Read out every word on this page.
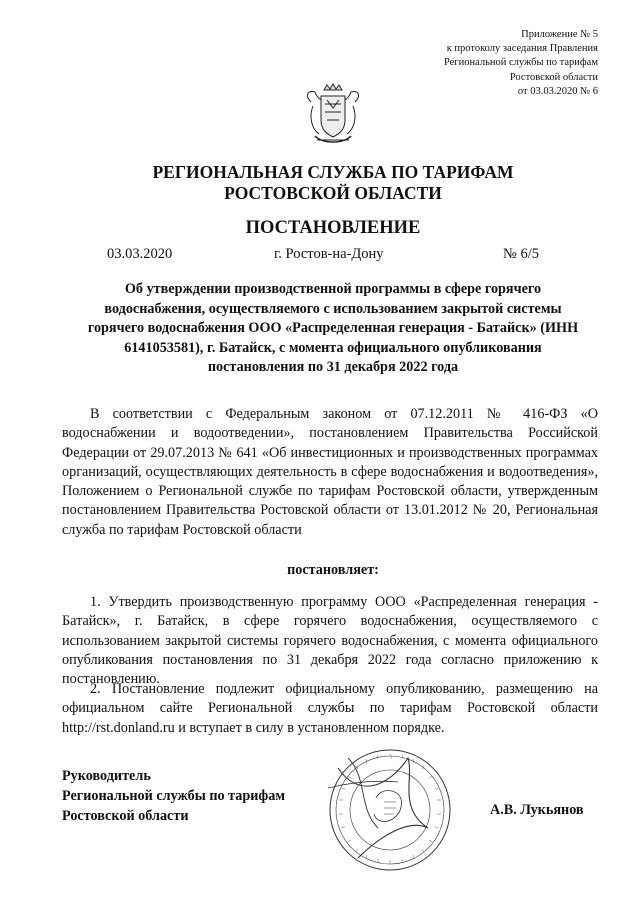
Приложение № 5
к протоколу заседания Правления
Региональной службы по тарифам
Ростовской области
от 03.03.2020 № 6
РЕГИОНАЛЬНАЯ СЛУЖБА ПО ТАРИФАМ
РОСТОВСКОЙ ОБЛАСТИ
ПОСТАНОВЛЕНИЕ
03.03.2020	г. Ростов-на-Дону	№ 6/5
Об утверждении производственной программы в сфере горячего водоснабжения, осуществляемого с использованием закрытой системы горячего водоснабжения ООО «Распределенная генерация - Батайск» (ИНН 6141053581), г. Батайск, с момента официального опубликования постановления по 31 декабря 2022 года
В соответствии с Федеральным законом от 07.12.2011 № 416-ФЗ «О водоснабжении и водоотведении», постановлением Правительства Российской Федерации от 29.07.2013 № 641 «Об инвестиционных и производственных программах организаций, осуществляющих деятельность в сфере водоснабжения и водоотведения», Положением о Региональной службе по тарифам Ростовской области, утвержденным постановлением Правительства Ростовской области от 13.01.2012 № 20, Региональная служба по тарифам Ростовской области
постановляет:
1. Утвердить производственную программу ООО «Распределенная генерация - Батайск», г. Батайск, в сфере горячего водоснабжения, осуществляемого с использованием закрытой системы горячего водоснабжения, с момента официального опубликования постановления по 31 декабря 2022 года согласно приложению к постановлению.
2. Постановление подлежит официальному опубликованию, размещению на официальном сайте Региональной службы по тарифам Ростовской области http://rst.donland.ru и вступает в силу в установленном порядке.
Руководитель
Региональной службы по тарифам
Ростовской области	А.В. Лукьянов
